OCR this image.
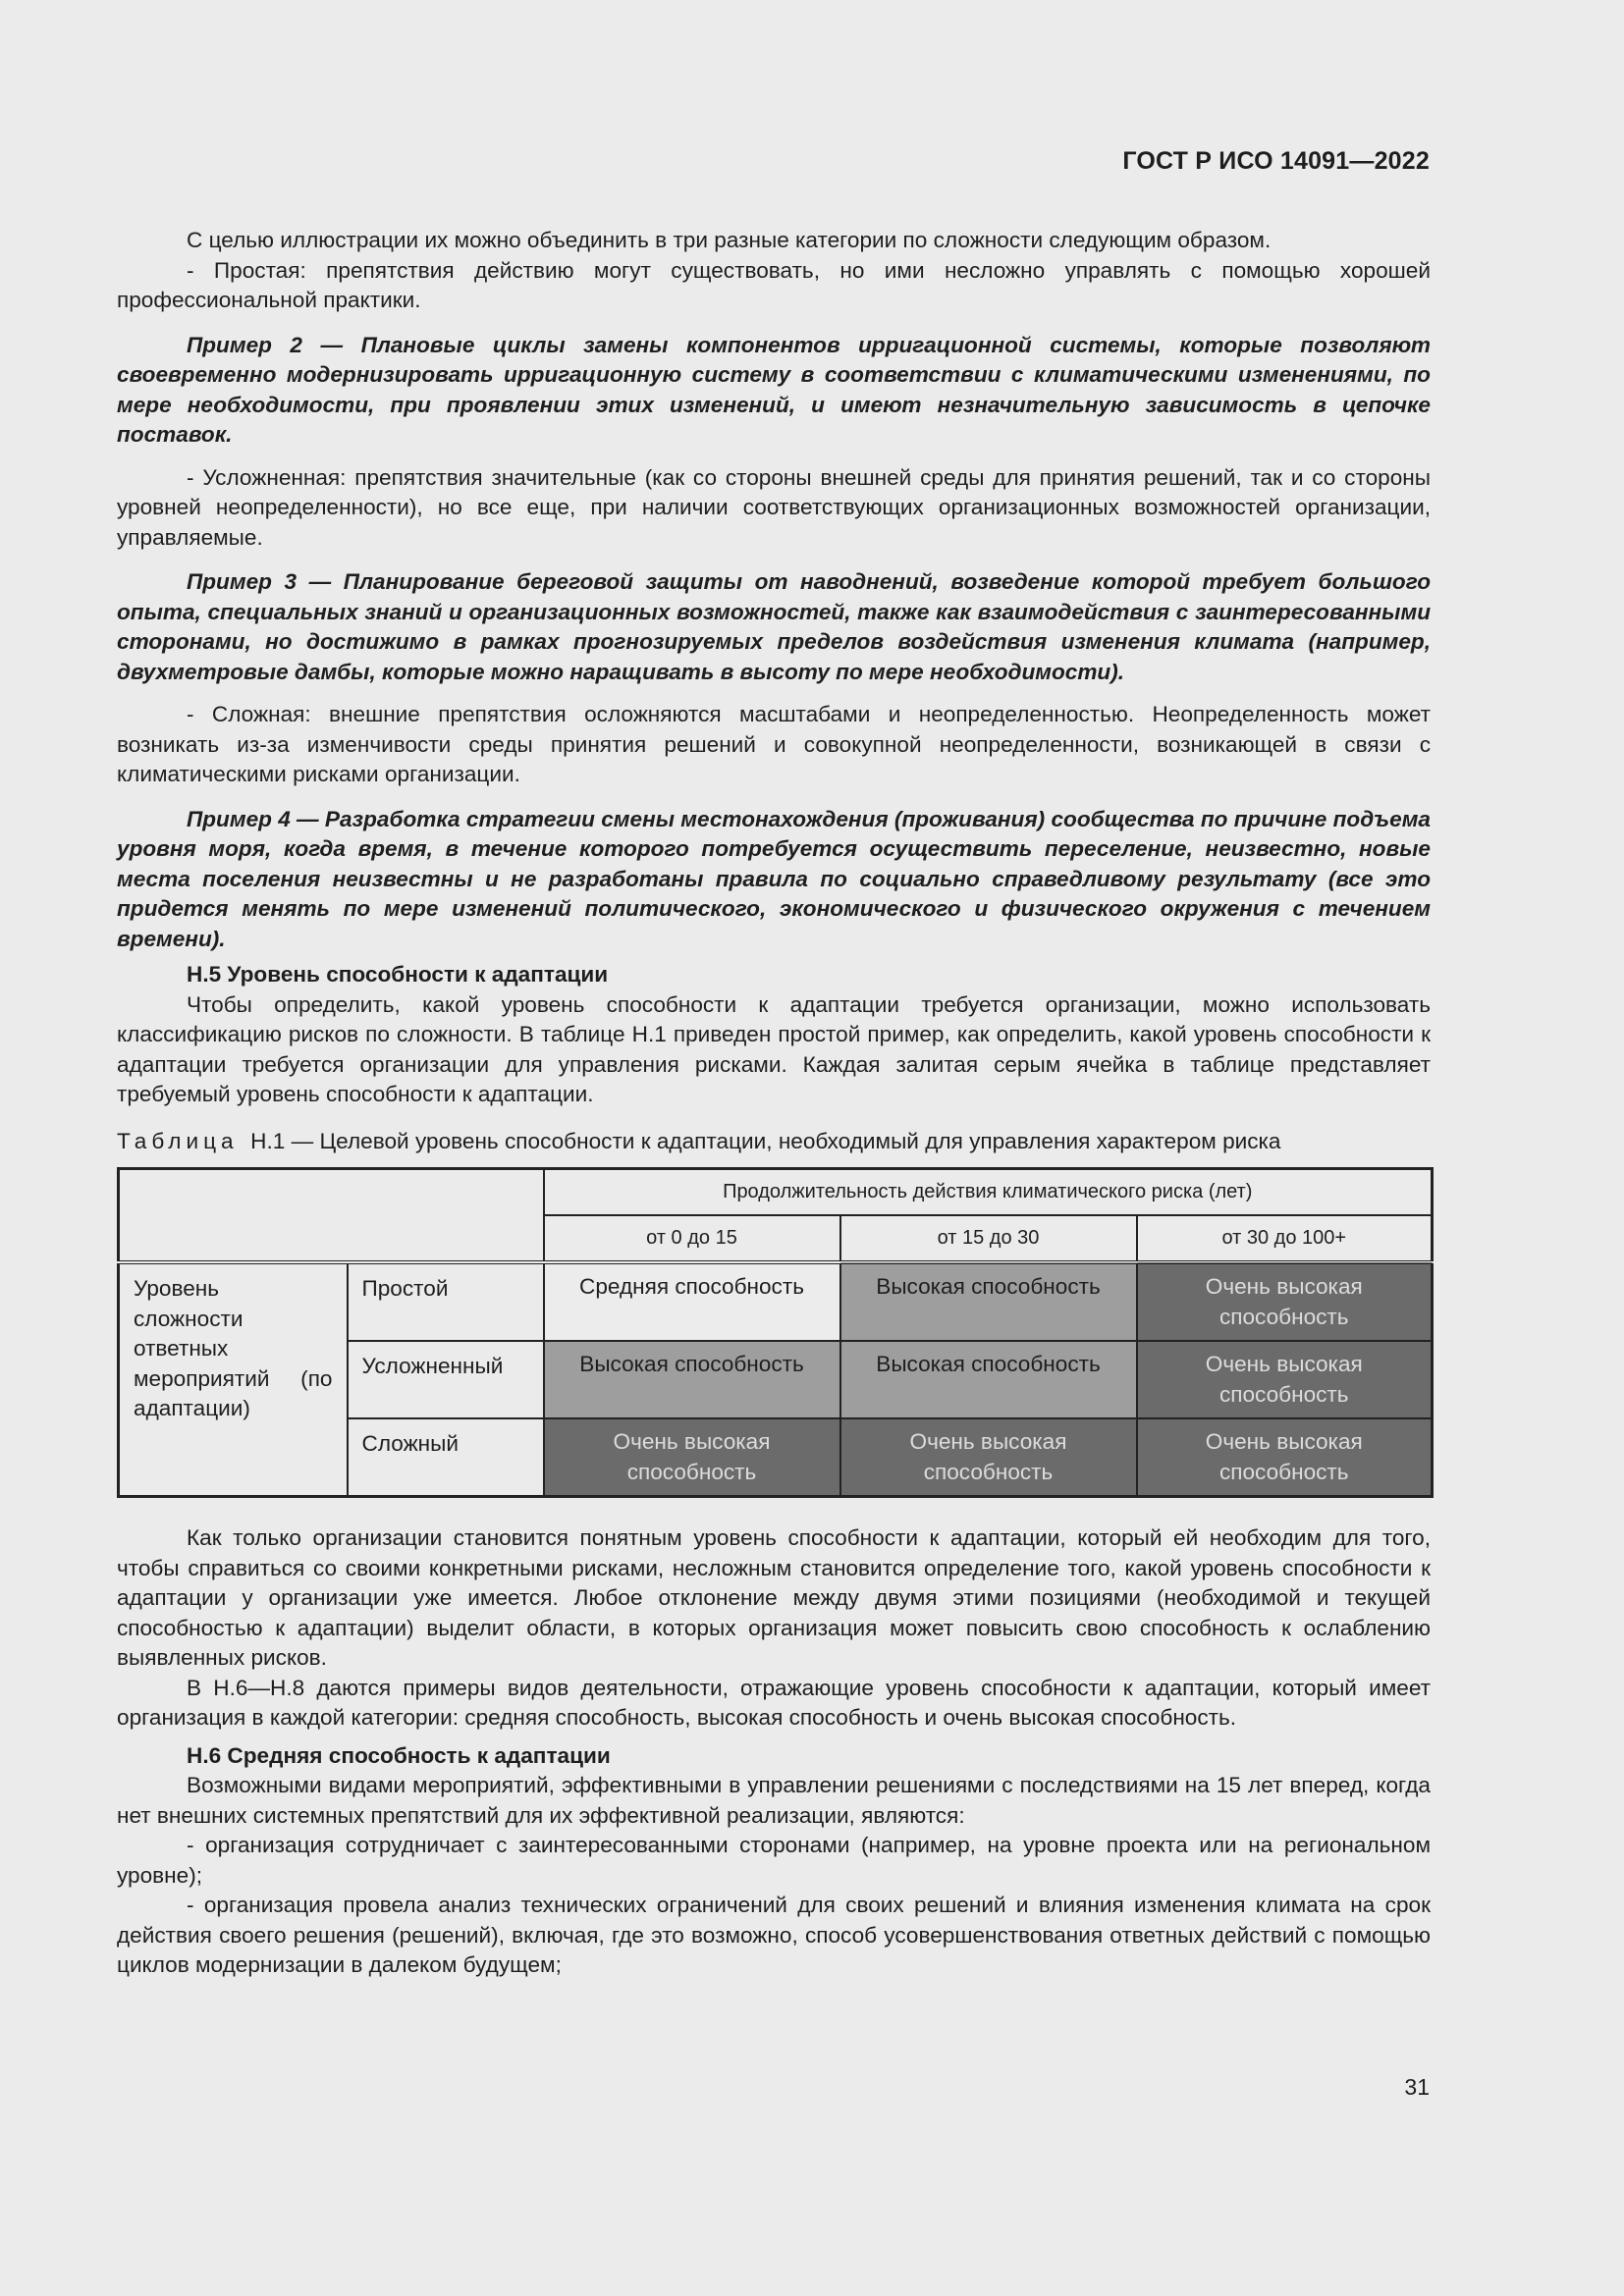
ГОСТ Р ИСО 14091—2022

С целью иллюстрации их можно объединить в три разные категории по сложности следующим образом.

- Простая: препятствия действию могут существовать, но ими несложно управлять с помощью хорошей профессиональной практики.

Пример 2 — Плановые циклы замены компонентов ирригационной системы, которые позволяют своевременно модернизировать ирригационную систему в соответствии с климатическими изменениями, по мере необходимости, при проявлении этих изменений, и имеют незначительную зависимость в цепочке поставок.

- Усложненная: препятствия значительные (как со стороны внешней среды для принятия решений, так и со стороны уровней неопределенности), но все еще, при наличии соответствующих организационных возможностей организации, управляемые.

Пример 3 — Планирование береговой защиты от наводнений, возведение которой требует большого опыта, специальных знаний и организационных возможностей, также как взаимодействия с заинтересованными сторонами, но достижимо в рамках прогнозируемых пределов воздействия изменения климата (например, двухметровые дамбы, которые можно наращивать в высоту по мере необходимости).

- Сложная: внешние препятствия осложняются масштабами и неопределенностью. Неопределенность может возникать из-за изменчивости среды принятия решений и совокупной неопределенности, возникающей в связи с климатическими рисками организации.

Пример 4 — Разработка стратегии смены местонахождения (проживания) сообщества по причине подъема уровня моря, когда время, в течение которого потребуется осуществить переселение, неизвестно, новые места поселения неизвестны и не разработаны правила по социально справедливому результату (все это придется менять по мере изменений политического, экономического и физического окружения с течением времени).

Н.5 Уровень способности к адаптации

Чтобы определить, какой уровень способности к адаптации требуется организации, можно использовать классификацию рисков по сложности. В таблице Н.1 приведен простой пример, как определить, какой уровень способности к адаптации требуется организации для управления рисками. Каждая залитая серым ячейка в таблице представляет требуемый уровень способности к адаптации.

Таблица Н.1 — Целевой уровень способности к адаптации, необходимый для управления характером риска

		Продолжительность действия климатического риска (лет)		
		от 0 до 15	от 15 до 30	от 30 до 100+
Уровень сложности ответных мероприятий (по адаптации)	Простой	Средняя способность	Высокая способность	Очень высокая способность
	Усложненный	Высокая способность	Высокая способность	Очень высокая способность
	Сложный	Очень высокая способность	Очень высокая способность	Очень высокая способность

Как только организации становится понятным уровень способности к адаптации, который ей необходим для того, чтобы справиться со своими конкретными рисками, несложным становится определение того, какой уровень способности к адаптации у организации уже имеется. Любое отклонение между двумя этими позициями (необходимой и текущей способностью к адаптации) выделит области, в которых организация может повысить свою способность к ослаблению выявленных рисков.

В Н.6—Н.8 даются примеры видов деятельности, отражающие уровень способности к адаптации, который имеет организация в каждой категории: средняя способность, высокая способность и очень высокая способность.

Н.6 Средняя способность к адаптации

Возможными видами мероприятий, эффективными в управлении решениями с последствиями на 15 лет вперед, когда нет внешних системных препятствий для их эффективной реализации, являются:

- организация сотрудничает с заинтересованными сторонами (например, на уровне проекта или на региональном уровне);

- организация провела анализ технических ограничений для своих решений и влияния изменения климата на срок действия своего решения (решений), включая, где это возможно, способ усовершенствования ответных действий с помощью циклов модернизации в далеком будущем;

31
